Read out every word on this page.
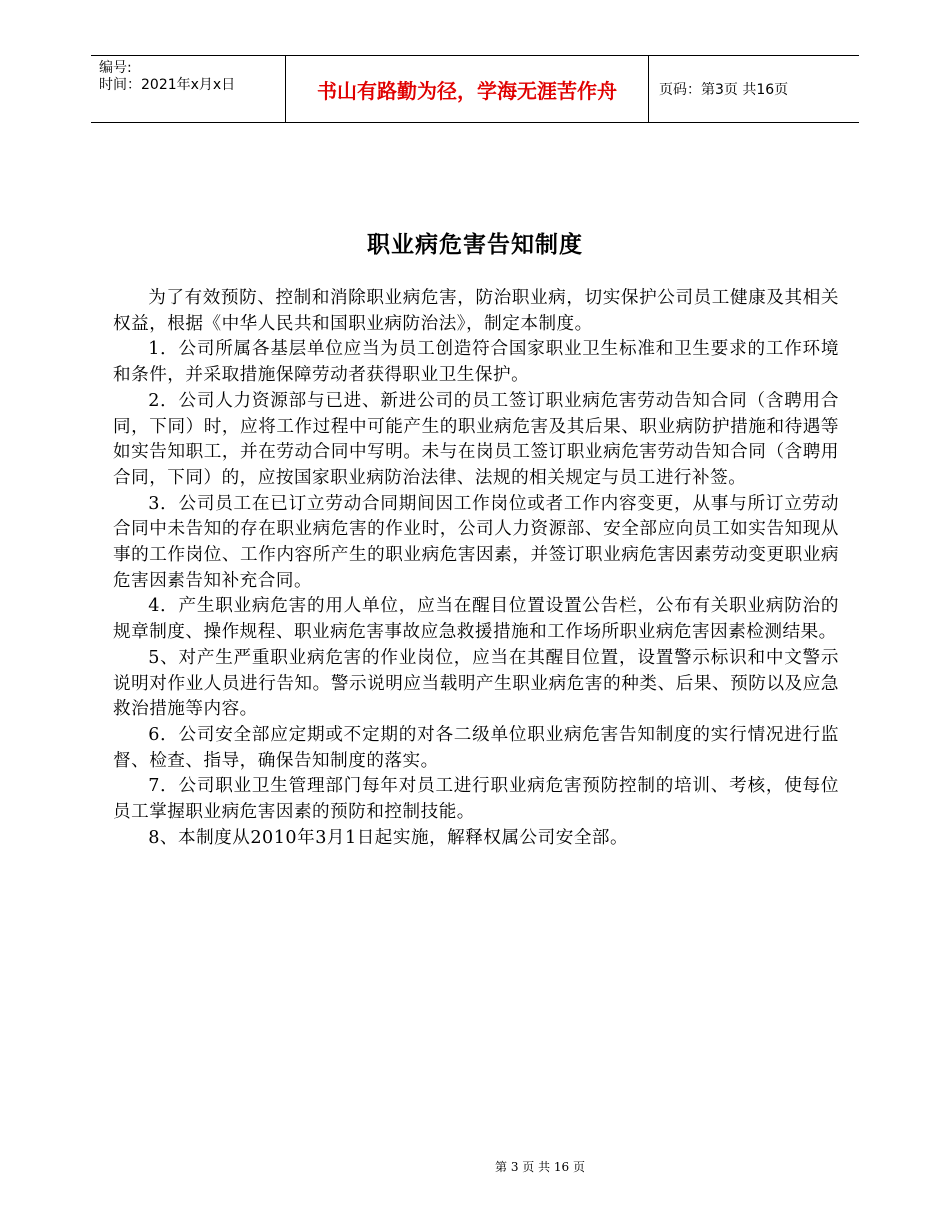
编号:
时间：2021年x月x日	书山有路勤为径，学海无涯苦作舟	页码：第3页 共16页
职业病危害告知制度

为了有效预防、控制和消除职业病危害，防治职业病，切实保护公司员工健康及其相关权益，根据《中华人民共和国职业病防治法》，制定本制度。

1．公司所属各基层单位应当为员工创造符合国家职业卫生标准和卫生要求的工作环境和条件，并采取措施保障劳动者获得职业卫生保护。

2．公司人力资源部与已进、新进公司的员工签订职业病危害劳动告知合同（含聘用合同，下同）时，应将工作过程中可能产生的职业病危害及其后果、职业病防护措施和待遇等如实告知职工，并在劳动合同中写明。未与在岗员工签订职业病危害劳动告知合同（含聘用合同，下同）的，应按国家职业病防治法律、法规的相关规定与员工进行补签。

3．公司员工在已订立劳动合同期间因工作岗位或者工作内容变更，从事与所订立劳动合同中未告知的存在职业病危害的作业时，公司人力资源部、安全部应向员工如实告知现从事的工作岗位、工作内容所产生的职业病危害因素，并签订职业病危害因素劳动变更职业病危害因素告知补充合同。

4．产生职业病危害的用人单位，应当在醒目位置设置公告栏，公布有关职业病防治的规章制度、操作规程、职业病危害事故应急救援措施和工作场所职业病危害因素检测结果。

5、对产生严重职业病危害的作业岗位，应当在其醒目位置，设置警示标识和中文警示说明对作业人员进行告知。警示说明应当载明产生职业病危害的种类、后果、预防以及应急救治措施等内容。

6．公司安全部应定期或不定期的对各二级单位职业病危害告知制度的实行情况进行监督、检查、指导，确保告知制度的落实。

7．公司职业卫生管理部门每年对员工进行职业病危害预防控制的培训、考核，使每位员工掌握职业病危害因素的预防和控制技能。

8、本制度从2010年3月1日起实施，解释权属公司安全部。

第 3 页 共 16 页
